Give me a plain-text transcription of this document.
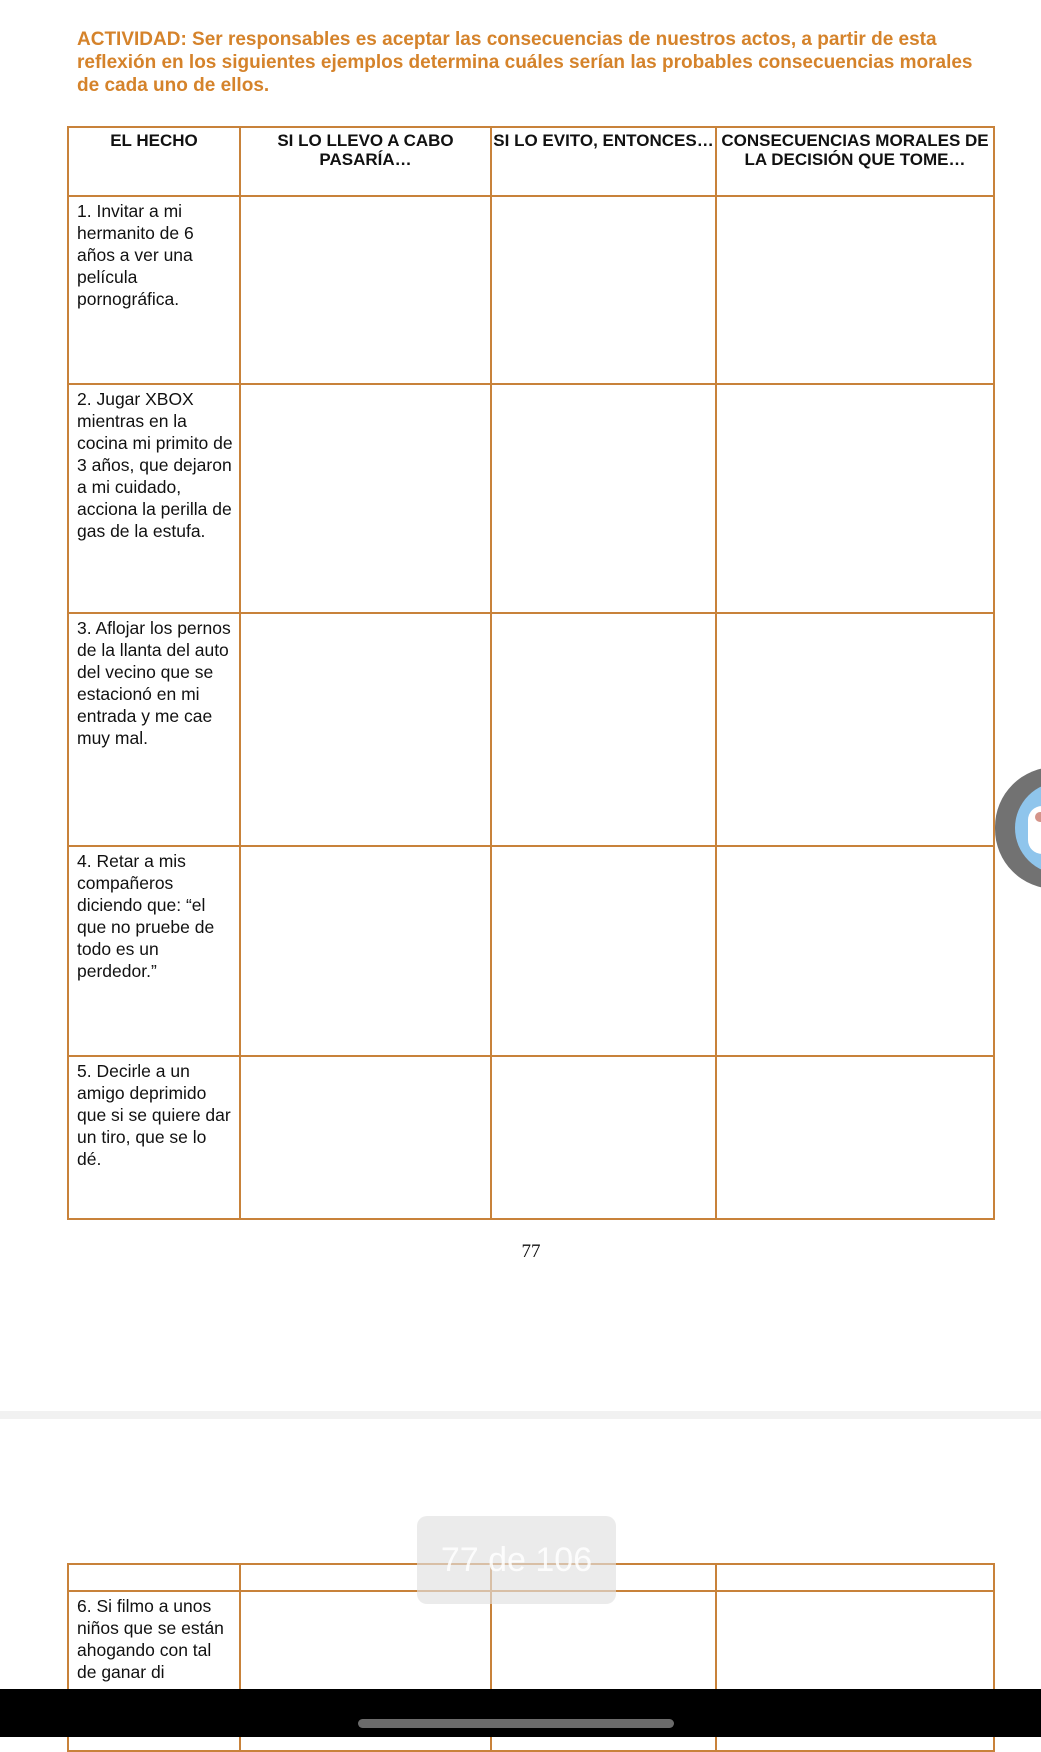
ACTIVIDAD: Ser responsables es aceptar las consecuencias de nuestros actos, a partir de esta reflexión en los siguientes ejemplos determina cuáles serían las probables consecuencias morales de cada uno de ellos.

EL HECHO	SI LO LLEVO A CABO PASARÍA…	SI LO EVITO, ENTONCES…	CONSECUENCIAS MORALES DE LA DECISIÓN QUE TOME…
1. Invitar a mi hermanito de 6 años a ver una película pornográfica.			
2. Jugar XBOX mientras en la cocina mi primito de 3 años, que dejaron a mi cuidado, acciona la perilla de gas de la estufa.			
3. Aflojar los pernos de la llanta del auto del vecino que se estacionó en mi entrada y me cae muy mal.			
4. Retar a mis compañeros diciendo que: “el que no pruebe de todo es un perdedor.”			
5. Decirle a un amigo deprimido que si se quiere dar un tiro, que se lo dé.			
77
77 de 106

6. Si filmo a unos niños que se están ahogando con tal de ganar di			
